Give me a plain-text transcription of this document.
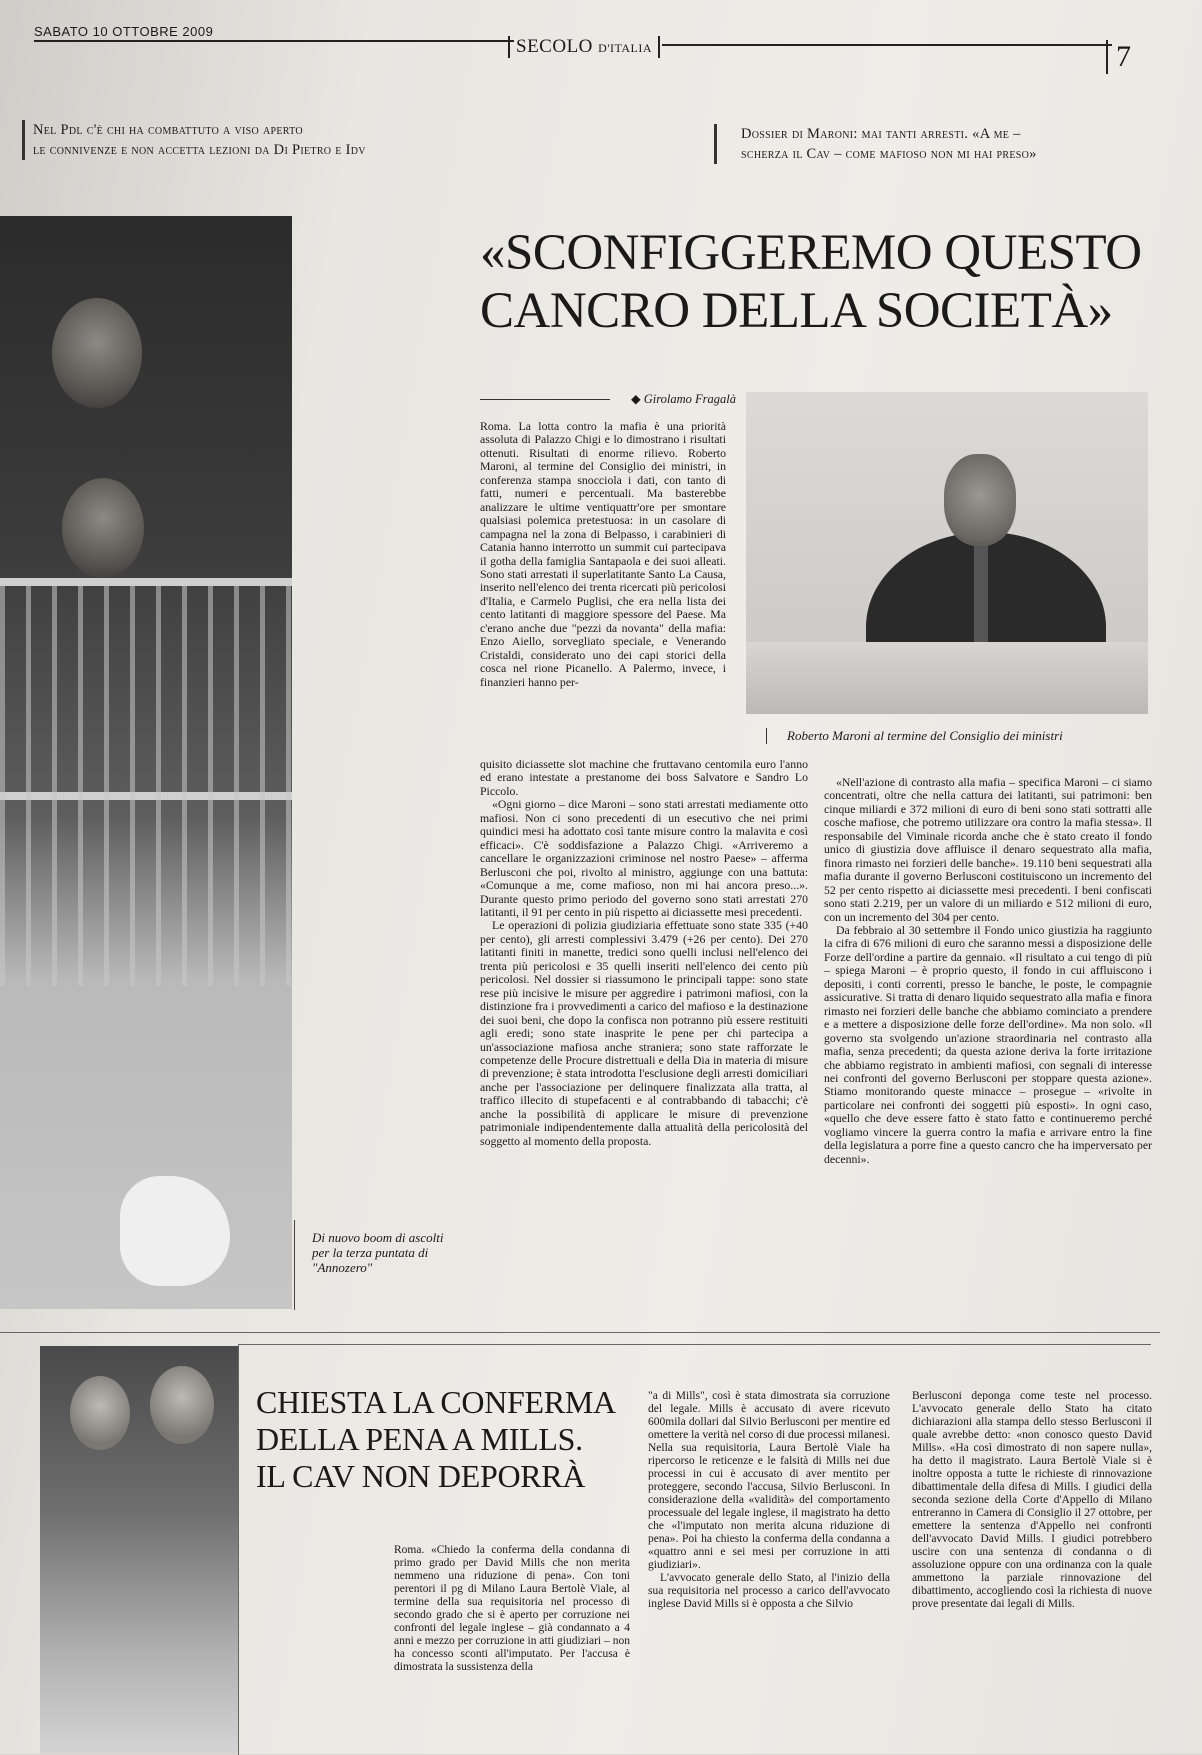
SABATO 10 OTTOBRE 2009
SECOLO D'ITALIA	7
Nel Pdl c'è chi ha combattuto a viso aperto
le connivenze e non accetta lezioni da Di Pietro e Idv
Dossier di Maroni: mai tanti arresti. «A me –
scherza il Cav – come mafioso non mi hai preso»
Di nuovo boom di ascolti per la terza puntata di "Annozero"
«SCONFIGGEREMO QUESTO
CANCRO DELLA SOCIETÀ»
◆ Girolamo Fragalà
Roberto Maroni al termine del Consiglio dei ministri

Roma. La lotta contro la mafia è una priorità assoluta di Palazzo Chigi e lo dimostrano i risultati ottenuti. Risultati di enorme rilievo. Roberto Maroni, al termine del Consiglio dei ministri, in conferenza stampa snocciola i dati, con tanto di fatti, numeri e percentuali. Ma basterebbe analizzare le ultime ventiquattr'ore per smontare qualsiasi polemica pretestuosa: in un casolare di campagna nel la zona di Belpasso, i carabinieri di Catania hanno interrotto un summit cui partecipava il gotha della famiglia Santapaola e dei suoi alleati. Sono stati arrestati il superlatitante Santo La Causa, inserito nell'elenco dei trenta ricercati più pericolosi d'Italia, e Carmelo Puglisi, che era nella lista dei cento latitanti di maggiore spessore del Paese. Ma c'erano anche due "pezzi da novanta" della mafia: Enzo Aiello, sorvegliato speciale, e Venerando Cristaldi, considerato uno dei capi storici della cosca nel rione Picanello. A Palermo, invece, i finanzieri hanno per-

quisito diciassette slot machine che fruttavano centomila euro l'anno ed erano intestate a prestanome dei boss Salvatore e Sandro Lo Piccolo.

«Ogni giorno – dice Maroni – sono stati arrestati mediamente otto mafiosi. Non ci sono precedenti di un esecutivo che nei primi quindici mesi ha adottato così tante misure contro la malavita e così efficaci». C'è soddisfazione a Palazzo Chigi. «Arriveremo a cancellare le organizzazioni criminose nel nostro Paese» – afferma Berlusconi che poi, rivolto al ministro, aggiunge con una battuta: «Comunque a me, come mafioso, non mi hai ancora preso...». Durante questo primo periodo del governo sono stati arrestati 270 latitanti, il 91 per cento in più rispetto ai diciassette mesi precedenti.

Le operazioni di polizia giudiziaria effettuate sono state 335 (+40 per cento), gli arresti complessivi 3.479 (+26 per cento). Dei 270 latitanti finiti in manette, tredici sono quelli inclusi nell'elenco dei trenta più pericolosi e 35 quelli inseriti nell'elenco dei cento più pericolosi. Nel dossier si riassumono le principali tappe: sono state rese più incisive le misure per aggredire i patrimoni mafiosi, con la distinzione fra i provvedimenti a carico del mafioso e la destinazione dei suoi beni, che dopo la confisca non potranno più essere restituiti agli eredi; sono state inasprite le pene per chi partecipa a un'associazione mafiosa anche straniera; sono state rafforzate le competenze delle Procure distrettuali e della Dia in materia di misure di prevenzione; è stata introdotta l'esclusione degli arresti domiciliari anche per l'associazione per delinquere finalizzata alla tratta, al traffico illecito di stupefacenti e al contrabbando di tabacchi; c'è anche la possibilità di applicare le misure di prevenzione patrimoniale indipendentemente dalla attualità della pericolosità del soggetto al momento della proposta.

«Nell'azione di contrasto alla mafia – specifica Maroni – ci siamo concentrati, oltre che nella cattura dei latitanti, sui patrimoni: ben cinque miliardi e 372 milioni di euro di beni sono stati sottratti alle cosche mafiose, che potremo utilizzare ora contro la mafia stessa». Il responsabile del Viminale ricorda anche che è stato creato il fondo unico di giustizia dove affluisce il denaro sequestrato alla mafia, finora rimasto nei forzieri delle banche». 19.110 beni sequestrati alla mafia durante il governo Berlusconi costituiscono un incremento del 52 per cento rispetto ai diciassette mesi precedenti. I beni confiscati sono stati 2.219, per un valore di un miliardo e 512 milioni di euro, con un incremento del 304 per cento.

Da febbraio al 30 settembre il Fondo unico giustizia ha raggiunto la cifra di 676 milioni di euro che saranno messi a disposizione delle Forze dell'ordine a partire da gennaio. «Il risultato a cui tengo di più – spiega Maroni – è proprio questo, il fondo in cui affluiscono i depositi, i conti correnti, presso le banche, le poste, le compagnie assicurative. Si tratta di denaro liquido sequestrato alla mafia e finora rimasto nei forzieri delle banche che abbiamo cominciato a prendere e a mettere a disposizione delle forze dell'ordine». Ma non solo. «Il governo sta svolgendo un'azione straordinaria nel contrasto alla mafia, senza precedenti; da questa azione deriva la forte irritazione che abbiamo registrato in ambienti mafiosi, con segnali di interesse nei confronti del governo Berlusconi per stoppare questa azione». Stiamo monitorando queste minacce – prosegue – «rivolte in particolare nei confronti dei soggetti più esposti». In ogni caso, «quello che deve essere fatto è stato fatto e continueremo perché vogliamo vincere la guerra contro la mafia e arrivare entro la fine della legislatura a porre fine a questo cancro che ha imperversato per decenni».

CHIESTA LA CONFERMA
DELLA PENA A MILLS.
IL CAV NON DEPORRÀ

Roma. «Chiedo la conferma della condanna di primo grado per David Mills che non merita nemmeno una riduzione di pena». Con toni perentori il pg di Milano Laura Bertolè Viale, al termine della sua requisitoria nel processo di secondo grado che si è aperto per corruzione nei confronti del legale inglese – già condannato a 4 anni e mezzo per corruzione in atti giudiziari – non ha concesso sconti all'imputato. Per l'accusa è dimostrata la sussistenza della

"a di Mills", così è stata dimostrata sia corruzione del legale. Mills è accusato di avere ricevuto 600mila dollari dal Silvio Berlusconi per mentire ed omettere la verità nel corso di due processi milanesi. Nella sua requisitoria, Laura Bertolè Viale ha ripercorso le reticenze e le falsità di Mills nei due processi in cui è accusato di aver mentito per proteggere, secondo l'accusa, Silvio Berlusconi. In considerazione della «validità» del comportamento processuale del legale inglese, il magistrato ha detto che «l'imputato non merita alcuna riduzione di pena». Poi ha chiesto la conferma della condanna a «quattro anni e sei mesi per corruzione in atti giudiziari».

L'avvocato generale dello Stato, al l'inizio della sua requisitoria nel processo a carico dell'avvocato inglese David Mills si è opposta a che Silvio

Berlusconi deponga come teste nel processo. L'avvocato generale dello Stato ha citato dichiarazioni alla stampa dello stesso Berlusconi il quale avrebbe detto: «non conosco questo David Mills». «Ha così dimostrato di non sapere nulla», ha detto il magistrato. Laura Bertolè Viale si è inoltre opposta a tutte le richieste di rinnovazione dibattimentale della difesa di Mills. I giudici della seconda sezione della Corte d'Appello di Milano entreranno in Camera di Consiglio il 27 ottobre, per emettere la sentenza d'Appello nei confronti dell'avvocato David Mills. I giudici potrebbero uscire con una sentenza di condanna o di assoluzione oppure con una ordinanza con la quale ammettono la parziale rinnovazione del dibattimento, accogliendo così la richiesta di nuove prove presentate dai legali di Mills.
